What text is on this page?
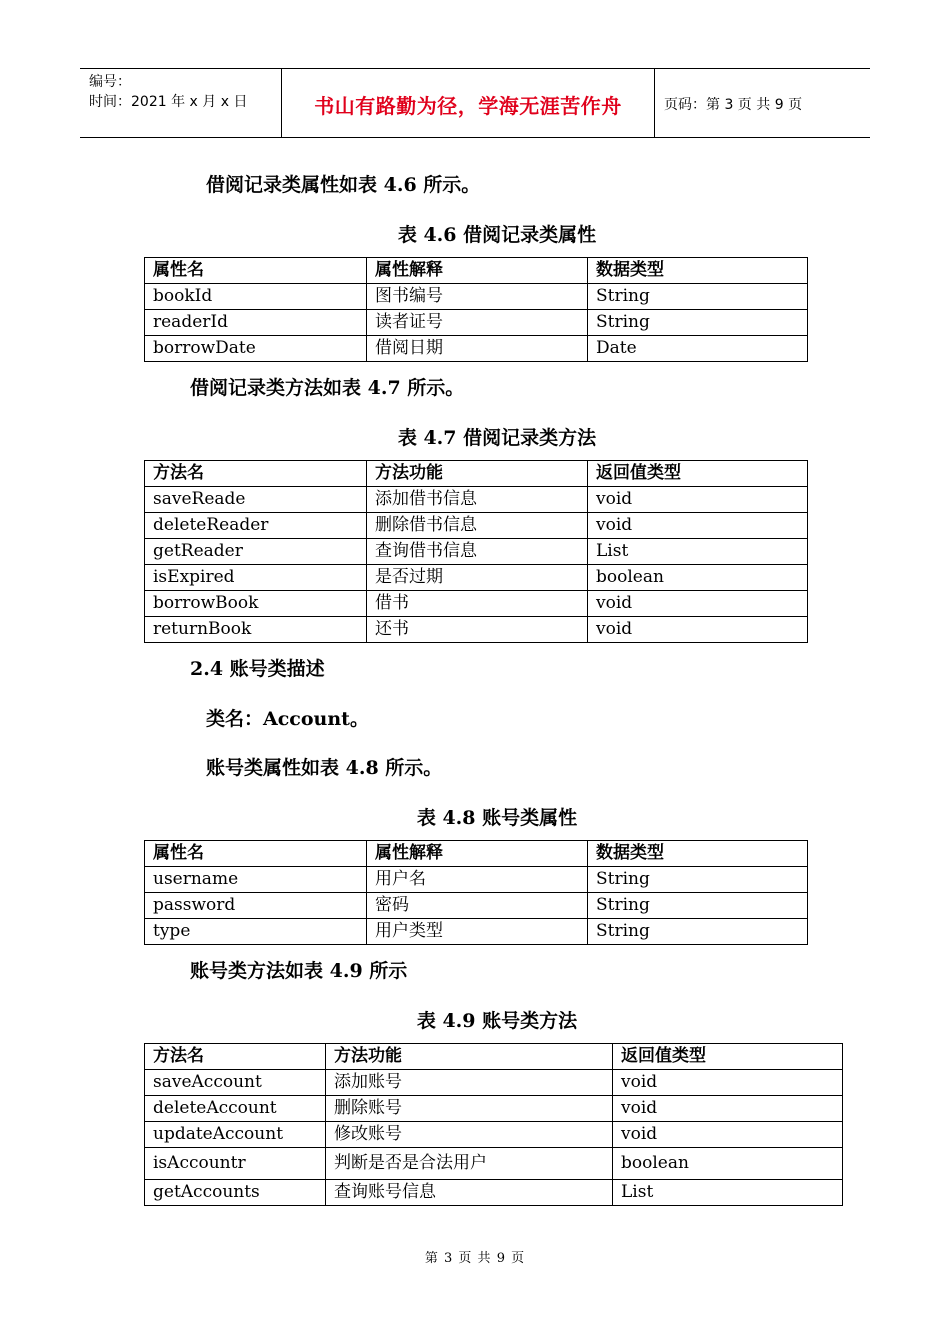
编号：
时间：2021 年 x 月 x 日	书山有路勤为径，学海无涯苦作舟	页码：第 3 页 共 9 页
借阅记录类属性如表 4.6 所示。
表 4.6 借阅记录类属性
属性名	属性解释	数据类型
bookId	图书编号	String
readerId	读者证号	String
borrowDate	借阅日期	Date
借阅记录类方法如表 4.7 所示。
表 4.7 借阅记录类方法
方法名	方法功能	返回值类型
saveReade	添加借书信息	void
deleteReader	删除借书信息	void
getReader	查询借书信息	List
isExpired	是否过期	boolean
borrowBook	借书	void
returnBook	还书	void
2.4 账号类描述
类名：Account。
账号类属性如表 4.8 所示。
表 4.8 账号类属性
属性名	属性解释	数据类型
username	用户名	String
password	密码	String
type	用户类型	String
账号类方法如表 4.9 所示
表 4.9 账号类方法
方法名	方法功能	返回值类型
saveAccount	添加账号	void
deleteAccount	删除账号	void
updateAccount	修改账号	void
isAccountr	判断是否是合法用户	boolean
getAccounts	查询账号信息	List
第 3 页 共 9 页
